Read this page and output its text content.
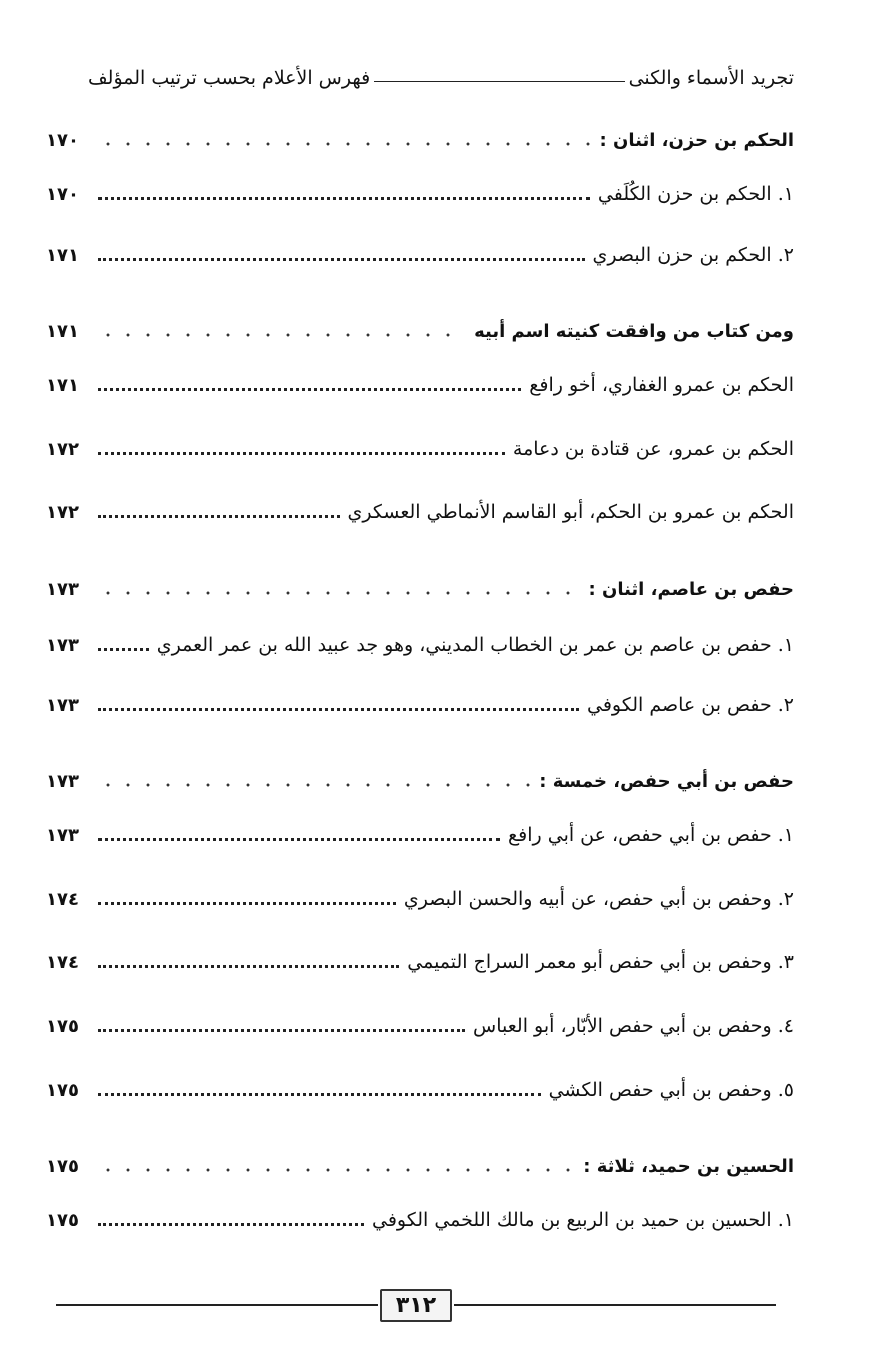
تجريد الأسماء والكنى
فهرس الأعلام بحسب ترتيب المؤلف
الحكم بن حزن، اثنان :
١٧٠
١. الحكم بن حزن الكُلَفي
١٧٠
٢. الحكم بن حزن البصري
١٧١
ومن كتاب من وافقت كنيته اسم أبيه
١٧١
الحكم بن عمرو الغفاري، أخو رافع
١٧١
الحكم بن عمرو، عن قتادة بن دعامة
١٧٢
الحكم بن عمرو بن الحكم، أبو القاسم الأنماطي العسكري
١٧٢
حفص بن عاصم، اثنان :
١٧٣
١. حفص بن عاصم بن عمر بن الخطاب المديني، وهو جد عبيد الله بن عمر العمري
١٧٣
٢. حفص بن عاصم الكوفي
١٧٣
حفص بن أبي حفص، خمسة :
١٧٣
١. حفص بن أبي حفص، عن أبي رافع
١٧٣
٢. وحفص بن أبي حفص، عن أبيه والحسن البصري
١٧٤
٣. وحفص بن أبي حفص أبو معمر السراج التميمي
١٧٤
٤. وحفص بن أبي حفص الأبّار، أبو العباس
١٧٥
٥. وحفص بن أبي حفص الكشي
١٧٥
الحسين بن حميد، ثلاثة :
١٧٥
١. الحسين بن حميد بن الربيع بن مالك اللخمي الكوفي
١٧٥
٣١٢
